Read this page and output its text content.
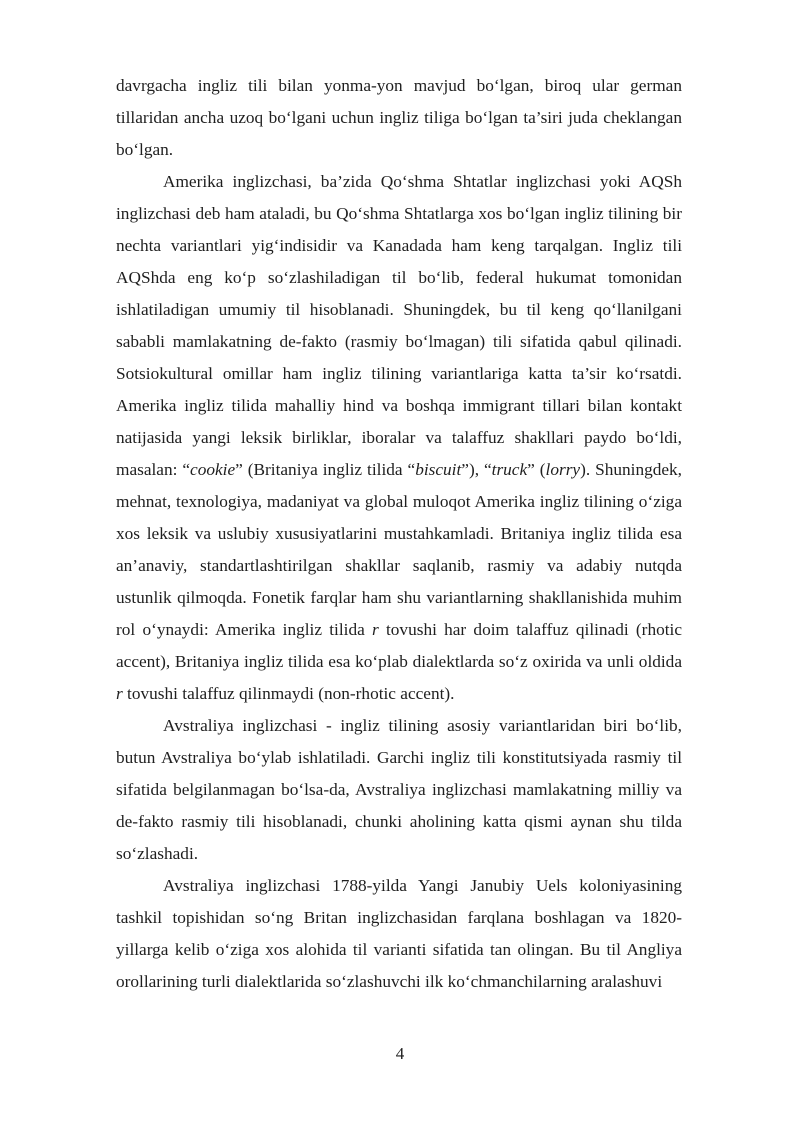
davrgacha ingliz tili bilan yonma-yon mavjud bo‘lgan, biroq ular german tillaridan ancha uzoq bo‘lgani uchun ingliz tiliga bo‘lgan ta’siri juda cheklangan bo‘lgan.

Amerika inglizchasi, ba’zida Qo‘shma Shtatlar inglizchasi yoki AQSh inglizchasi deb ham ataladi, bu Qo‘shma Shtatlarga xos bo‘lgan ingliz tilining bir nechta variantlari yig‘indisidir va Kanadada ham keng tarqalgan. Ingliz tili AQShda eng ko‘p so‘zlashiladigan til bo‘lib, federal hukumat tomonidan ishlatiladigan umumiy til hisoblanadi. Shuningdek, bu til keng qo‘llanilgani sababli mamlakatning de-fakto (rasmiy bo‘lmagan) tili sifatida qabul qilinadi. Sotsiokultural omillar ham ingliz tilining variantlariga katta ta’sir ko‘rsatdi. Amerika ingliz tilida mahalliy hind va boshqa immigrant tillari bilan kontakt natijasida yangi leksik birliklar, iboralar va talaffuz shakllari paydo bo‘ldi, masalan: “cookie” (Britaniya ingliz tilida “biscuit”), “truck” (lorry). Shuningdek, mehnat, texnologiya, madaniyat va global muloqot Amerika ingliz tilining o‘ziga xos leksik va uslubiy xususiyatlarini mustahkamladi. Britaniya ingliz tilida esa an’anaviy, standartlashtirilgan shakllar saqlanib, rasmiy va adabiy nutqda ustunlik qilmoqda. Fonetik farqlar ham shu variantlarning shakllanishida muhim rol o‘ynaydi: Amerika ingliz tilida r tovushi har doim talaffuz qilinadi (rhotic accent), Britaniya ingliz tilida esa ko‘plab dialektlarda so‘z oxirida va unli oldida r tovushi talaffuz qilinmaydi (non-rhotic accent).

Avstraliya inglizchasi - ingliz tilining asosiy variantlaridan biri bo‘lib, butun Avstraliya bo‘ylab ishlatiladi. Garchi ingliz tili konstitutsiyada rasmiy til sifatida belgilanmagan bo‘lsa-da, Avstraliya inglizchasi mamlakatning milliy va de-fakto rasmiy tili hisoblanadi, chunki aholining katta qismi aynan shu tilda so‘zlashadi.

Avstraliya inglizchasi 1788-yilda Yangi Janubiy Uels koloniyasining tashkil topishidan so‘ng Britan inglizchasidan farqlana boshlagan va 1820-yillarga kelib o‘ziga xos alohida til varianti sifatida tan olingan. Bu til Angliya orollarining turli dialektlarida so‘zlashuvchi ilk ko‘chmanchilarning aralashuvi

4
